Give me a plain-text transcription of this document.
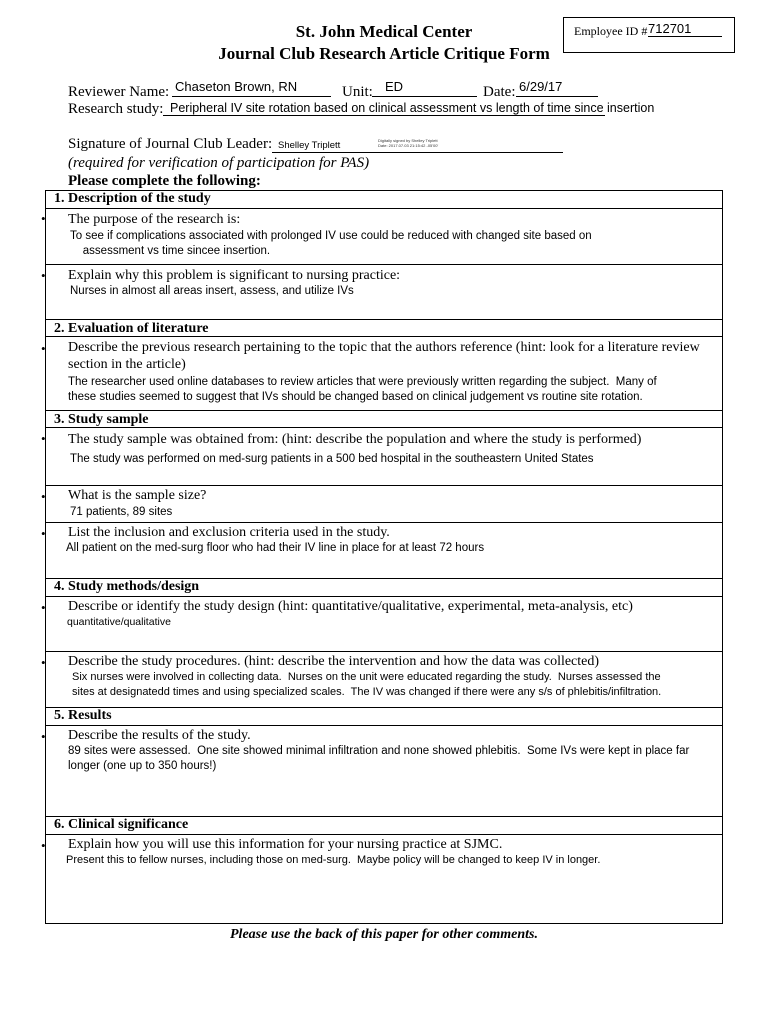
St. John Medical Center
Journal Club Research Article Critique Form
Employee ID # 712701
Reviewer Name: Chaseton Brown, RN	Unit: ED	Date: 6/29/17
Research study: Peripheral IV site rotation based on clinical assessment vs length of time since insertion
Signature of Journal Club Leader: Shelley Triplett	Digitally signed by Shelley Triplett
Date: 2017.07.03 21:15:42 -05'00'
(required for verification of participation for PAS)
Please complete the following:
1. Description of the study
• The purpose of the research is:
To see if complications associated with prolonged IV use could be reduced with changed site based on
assessment vs time sincee insertion.
• Explain why this problem is significant to nursing practice:
Nurses in almost all areas insert, assess, and utilize IVs
2. Evaluation of literature
• Describe the previous research pertaining to the topic that the authors reference (hint: look for a literature review section in the article)
The researcher used online databases to review articles that were previously written regarding the subject.  Many of
these studies seemed to suggest that IVs should be changed based on clinical judgement vs routine site rotation.
3. Study sample
• The study sample was obtained from: (hint: describe the population and where the study is performed)
The study was performed on med-surg patients in a 500 bed hospital in the southeastern United States
• What is the sample size?
71 patients, 89 sites
• List the inclusion and exclusion criteria used in the study.
All patient on the med-surg floor who had their IV line in place for at least 72 hours
4. Study methods/design
• Describe or identify the study design (hint: quantitative/qualitative, experimental, meta-analysis, etc)
quantitative/qualitative
• Describe the study procedures. (hint: describe the intervention and how the data was collected)
Six nurses were involved in collecting data.  Nurses on the unit were educated regarding the study.  Nurses assessed the
sites at designatedd times and using specialized scales.  The IV was changed if there were any s/s of phlebitis/infiltration.
5. Results
• Describe the results of the study.
89 sites were assessed.  One site showed minimal infiltration and none showed phlebitis.  Some IVs were kept in place far
longer (one up to 350 hours!)
6. Clinical significance
• Explain how you will use this information for your nursing practice at SJMC.
Present this to fellow nurses, including those on med-surg.  Maybe policy will be changed to keep IV in longer.
Please use the back of this paper for other comments.
